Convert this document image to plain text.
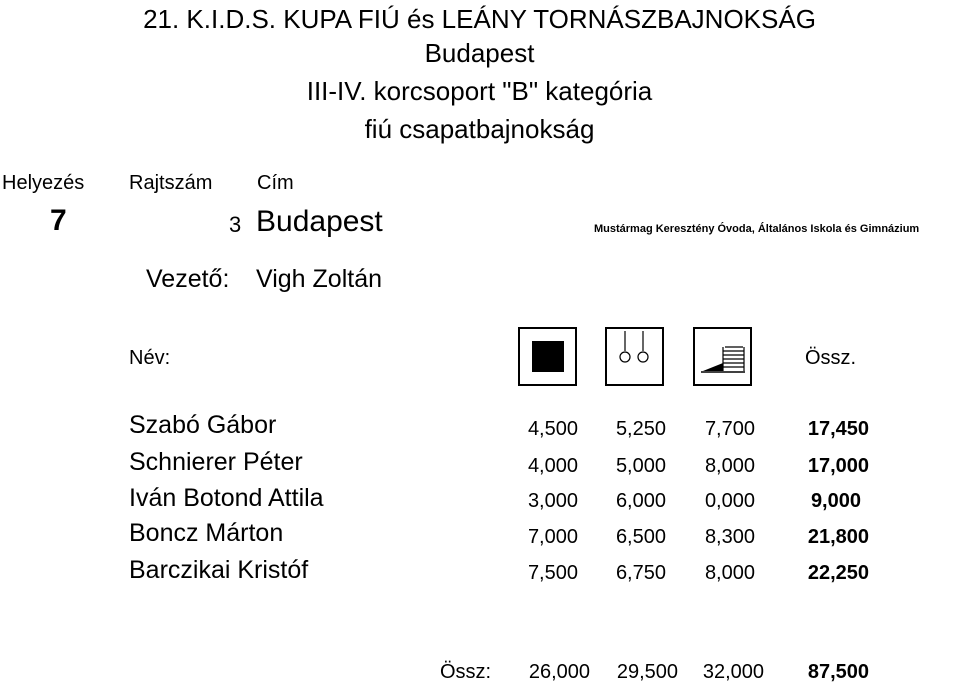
21. K.I.D.S. KUPA FIÚ és LEÁNY TORNÁSZBAJNOKSÁG
Budapest
III-IV. korcsoport "B" kategória
fiú csapatbajnokság
Helyezés Rajtszám Cím
7	3 Budapest	Mustármag Keresztény Óvoda, Általános Iskola és Gimnázium
Vezető: Vigh Zoltán
Név:	Össz.
Szabó Gábor	4,500	5,250	7,700	17,450
Schnierer Péter	4,000	5,000	8,000	17,000
Iván Botond Attila	3,000	6,000	0,000	9,000
Boncz Márton	7,000	6,500	8,300	21,800
Barczikai Kristóf	7,500	6,750	8,000	22,250
Össz:	26,000	29,500	32,000	87,500
